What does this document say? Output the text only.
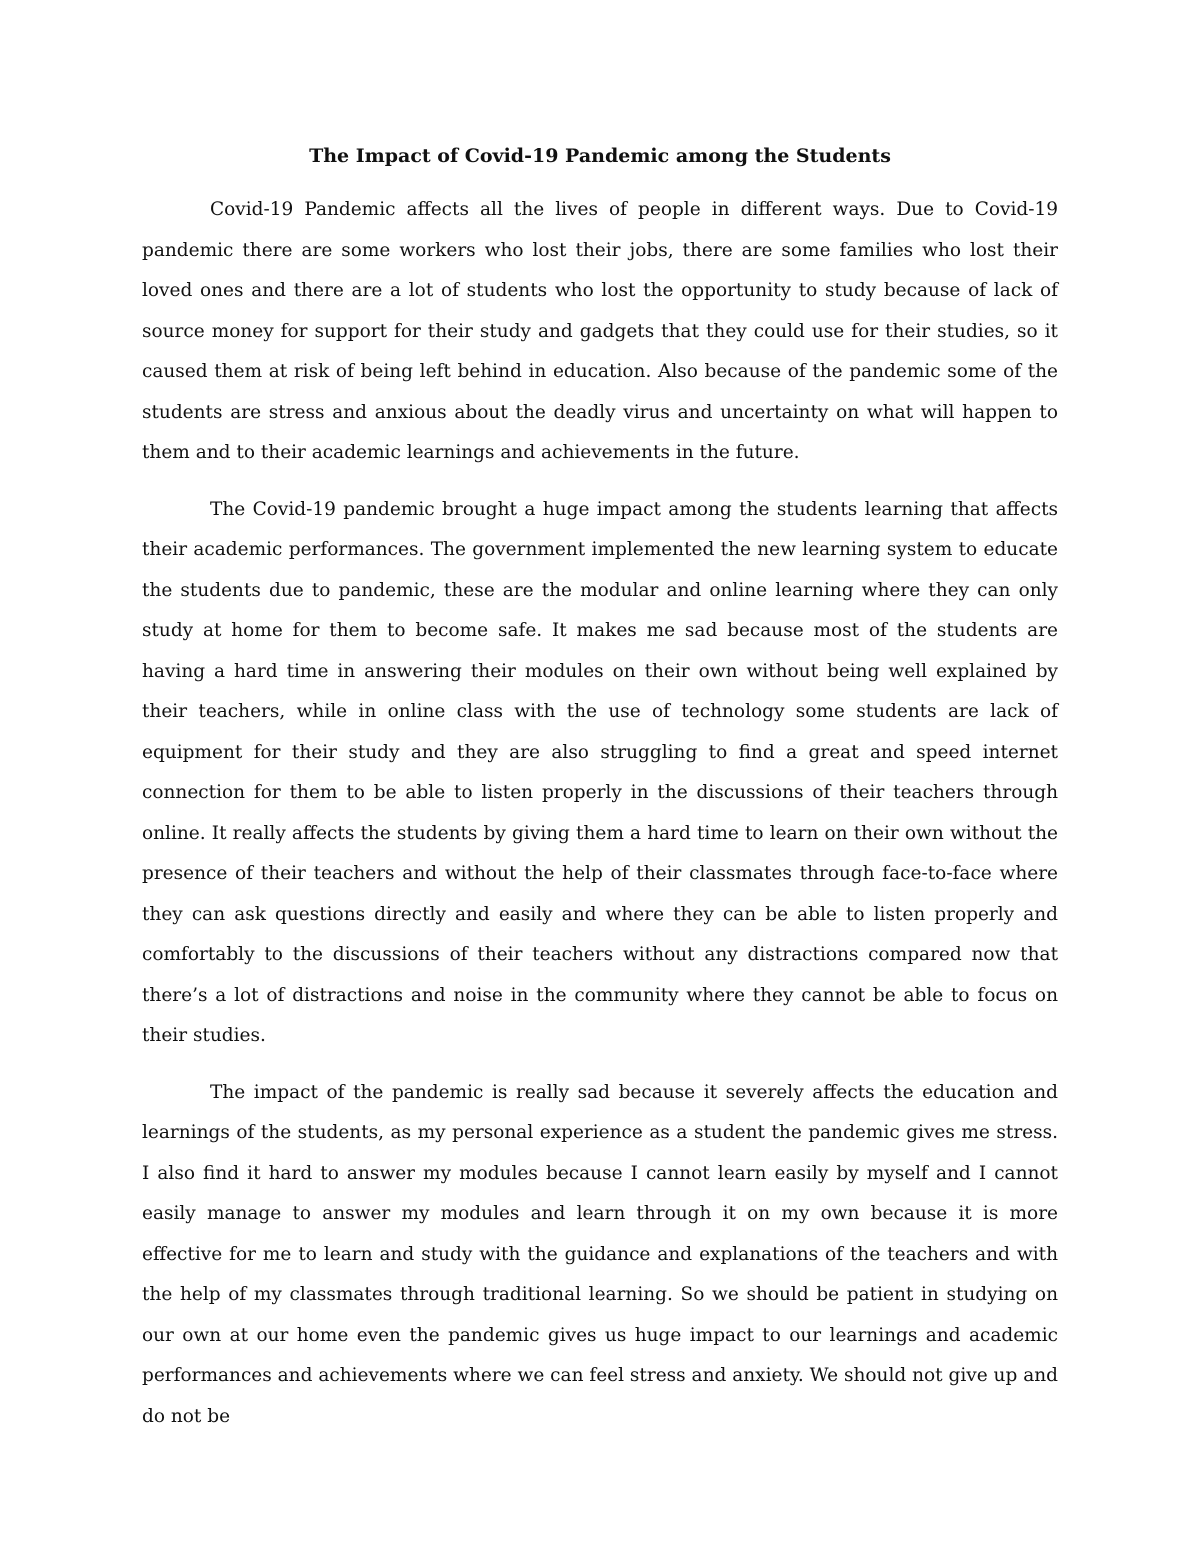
The Impact of Covid-19 Pandemic among the Students

Covid-19 Pandemic affects all the lives of people in different ways. Due to Covid-19 pandemic there are some workers who lost their jobs, there are some families who lost their loved ones and there are a lot of students who lost the opportunity to study because of lack of source money for support for their study and gadgets that they could use for their studies, so it caused them at risk of being left behind in education. Also because of the pandemic some of the students are stress and anxious about the deadly virus and uncertainty on what will happen to them and to their academic learnings and achievements in the future.

The Covid-19 pandemic brought a huge impact among the students learning that affects their academic performances. The government implemented the new learning system to educate the students due to pandemic, these are the modular and online learning where they can only study at home for them to become safe. It makes me sad because most of the students are having a hard time in answering their modules on their own without being well explained by their teachers, while in online class with the use of technology some students are lack of equipment for their study and they are also struggling to find a great and speed internet connection for them to be able to listen properly in the discussions of their teachers through online. It really affects the students by giving them a hard time to learn on their own without the presence of their teachers and without the help of their classmates through face-to-face where they can ask questions directly and easily and where they can be able to listen properly and comfortably to the discussions of their teachers without any distractions compared now that there’s a lot of distractions and noise in the community where they cannot be able to focus on their studies.

The impact of the pandemic is really sad because it severely affects the education and learnings of the students, as my personal experience as a student the pandemic gives me stress. I also find it hard to answer my modules because I cannot learn easily by myself and I cannot easily manage to answer my modules and learn through it on my own because it is more effective for me to learn and study with the guidance and explanations of the teachers and with the help of my classmates through traditional learning. So we should be patient in studying on our own at our home even the pandemic gives us huge impact to our learnings and academic performances and achievements where we can feel stress and anxiety. We should not give up and do not be
